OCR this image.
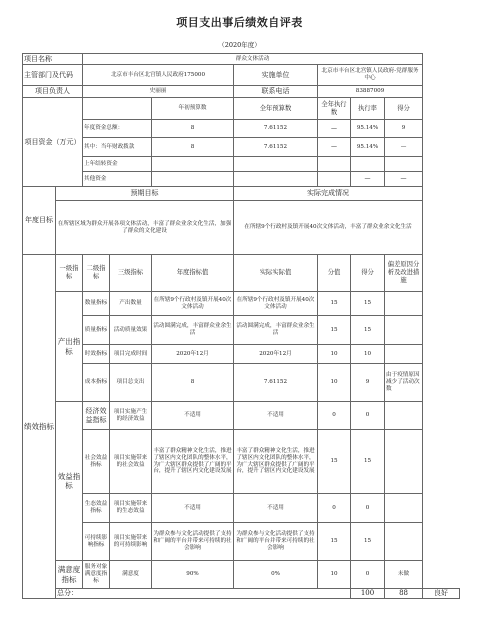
项目支出事后绩效自评表
（2020年度）
项目名称		群众文体活动							
主管部门及代码		北京市丰台区北宫镇人民政府175000			实施单位	北京市丰台区北宫镇人民政府-党群服务中心			
项目负责人		史丽丽			联系电话	83887009			
项目资金（万元）				年初预算数	全年预算数	全年执行数	执行率	得分	
		年度资金总额：		8	7.61152	—	95.14%	9	
		其中：当年财政拨款		8	7.61152	—	95.14%	—	
		上年结转资金							
		其他资金					—	—	
年度目标	预期目标				实际完成情况				
	在所辖区域为群众开展各项文体活动，丰富了群众业余文化生活，加强了群众的文化建设				在所辖9个行政村及镇开展40次文体活动，丰富了群众业余文化生活				
绩效指标	一级指标	二级指标	三级指标	年度指标值	实际实际值	分值	得分	偏差原因分析及改进措施	
	产出指标	数量指标	产出数量	在所辖9个行政村及镇开展40次文体活动	在所辖9个行政村及镇开展40次文体活动	15	15		
		质量指标	活动质量效果	活动圆满完成，丰富群众业余生活	活动圆满完成，丰富群众业余生活	15	15		
		时效指标	项目完成时间	2020年12月	2020年12月	10	10		
		成本指标	项目总支出	8	7.61152	10	9	由于疫情原因减少了活动次数	
	效益指标	经济效益指标	项目实施产生的经济效益	不适用	不适用	0	0		
		社会效益指标	项目实施带来的社会效益	丰富了群众精神文化生活，推进了辖区内文化团队的整体水平，为广大辖区群众提供了广阔的平台，提升了辖区内文化建设发展	丰富了群众精神文化生活，推进了辖区内文化团队的整体水平，为广大辖区群众提供了广阔的平台，提升了辖区内文化建设发展	15	15		
		生态效益指标	项目实施带来的生态效益	不适用	不适用	0	0		
		可持续影响指标	项目实施带来的可持续影响	为群众参与文化活动提供了支持和广阔的平台并带来可持续的社会影响	为群众参与文化活动提供了支持和广阔的平台并带来可持续的社会影响	15	15		
	满意度指标	服务对象满意度指标	满意度	90%	0%	10	0	未做	
	总分：						100	88	良好
